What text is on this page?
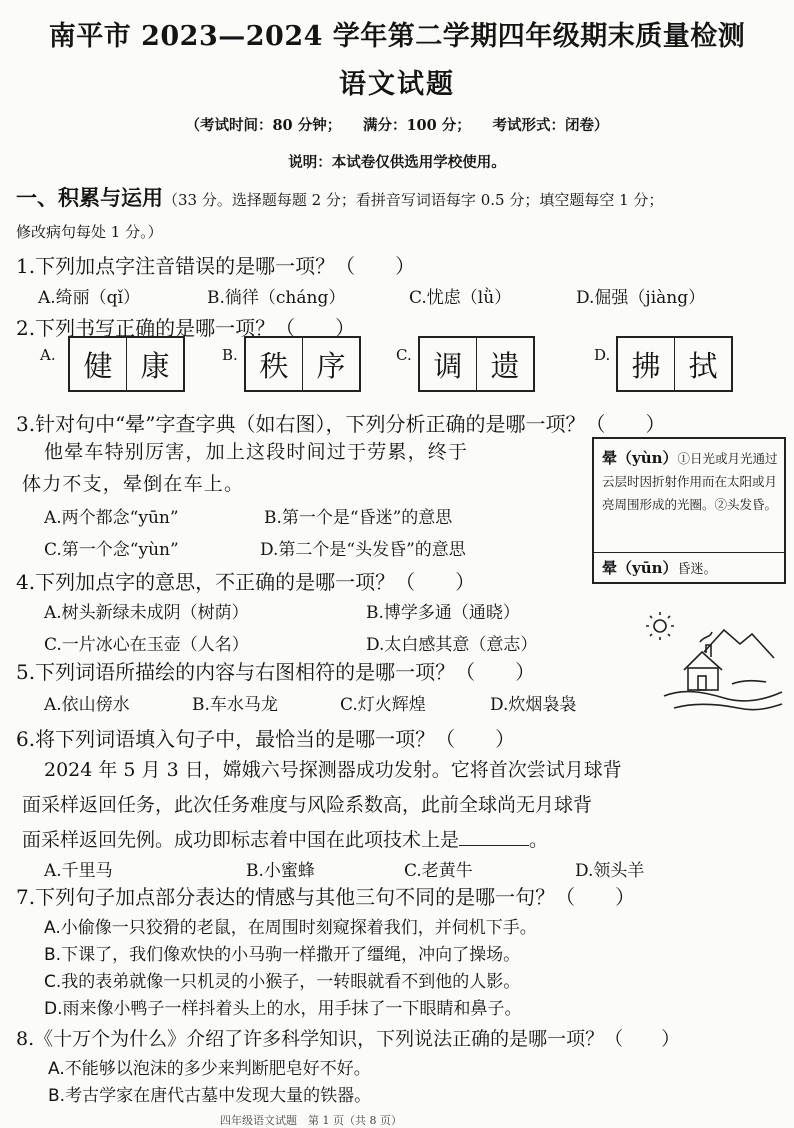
南平市 2023—2024 学年第二学期四年级期末质量检测
语文试题
（考试时间：80 分钟；　　满分：100 分；　　考试形式：闭卷）
说明：本试卷仅供选用学校使用。
一、积累与运用（33 分。选择题每题 2 分；看拼音写词语每字 0.5 分；填空题每空 1 分；
修改病句每处 1 分。）
1.下列加点字注音错误的是哪一项？（　　）
A.绮丽（qǐ）	B.徜徉（cháng）	C.忧虑（lǜ）	D.倔强（jiàng）
2.下列书写正确的是哪一项？（　　）
A. 健 康	B. 秩 序	C. 调 遗	D. 拂 拭
3.针对句中“晕”字查字典（如右图），下列分析正确的是哪一项？（　　）
他晕车特别厉害，加上这段时间过于劳累，终于
体力不支，晕倒在车上。
A.两个都念“yūn”	B.第一个是“昏迷”的意思
C.第一个念“yùn”	D.第二个是“头发昏”的意思
晕（yùn）①日光或月光通过云层时因折射作用而在太阳或月亮周围形成的光圈。②头发昏。
晕（yūn）昏迷。
4.下列加点字的意思，不正确的是哪一项？（　　）
A.树头新绿未成阴（树荫）	B.博学多通（通晓）
C.一片冰心在玉壶（人名）	D.太白感其意（意志）
5.下列词语所描绘的内容与右图相符的是哪一项？（　　）
A.依山傍水	B.车水马龙	C.灯火辉煌	D.炊烟袅袅
6.将下列词语填入句子中，最恰当的是哪一项？（　　）
2024 年 5 月 3 日，嫦娥六号探测器成功发射。它将首次尝试月球背
面采样返回任务，此次任务难度与风险系数高，此前全球尚无月球背
面采样返回先例。成功即标志着中国在此项技术上是	。
A.千里马	B.小蜜蜂	C.老黄牛	D.领头羊
7.下列句子加点部分表达的情感与其他三句不同的是哪一句？（　　）
A.小偷像一只狡猾的老鼠，在周围时刻窥探着我们，并伺机下手。
B.下课了，我们像欢快的小马驹一样撒开了缰绳，冲向了操场。
C.我的表弟就像一只机灵的小猴子，一转眼就看不到他的人影。
D.雨来像小鸭子一样抖着头上的水，用手抹了一下眼睛和鼻子。
8.《十万个为什么》介绍了许多科学知识，下列说法正确的是哪一项？（　　）
A.不能够以泡沫的多少来判断肥皂好不好。
B.考古学家在唐代古墓中发现大量的铁器。
四年级语文试题　第 1 页（共 8 页）
